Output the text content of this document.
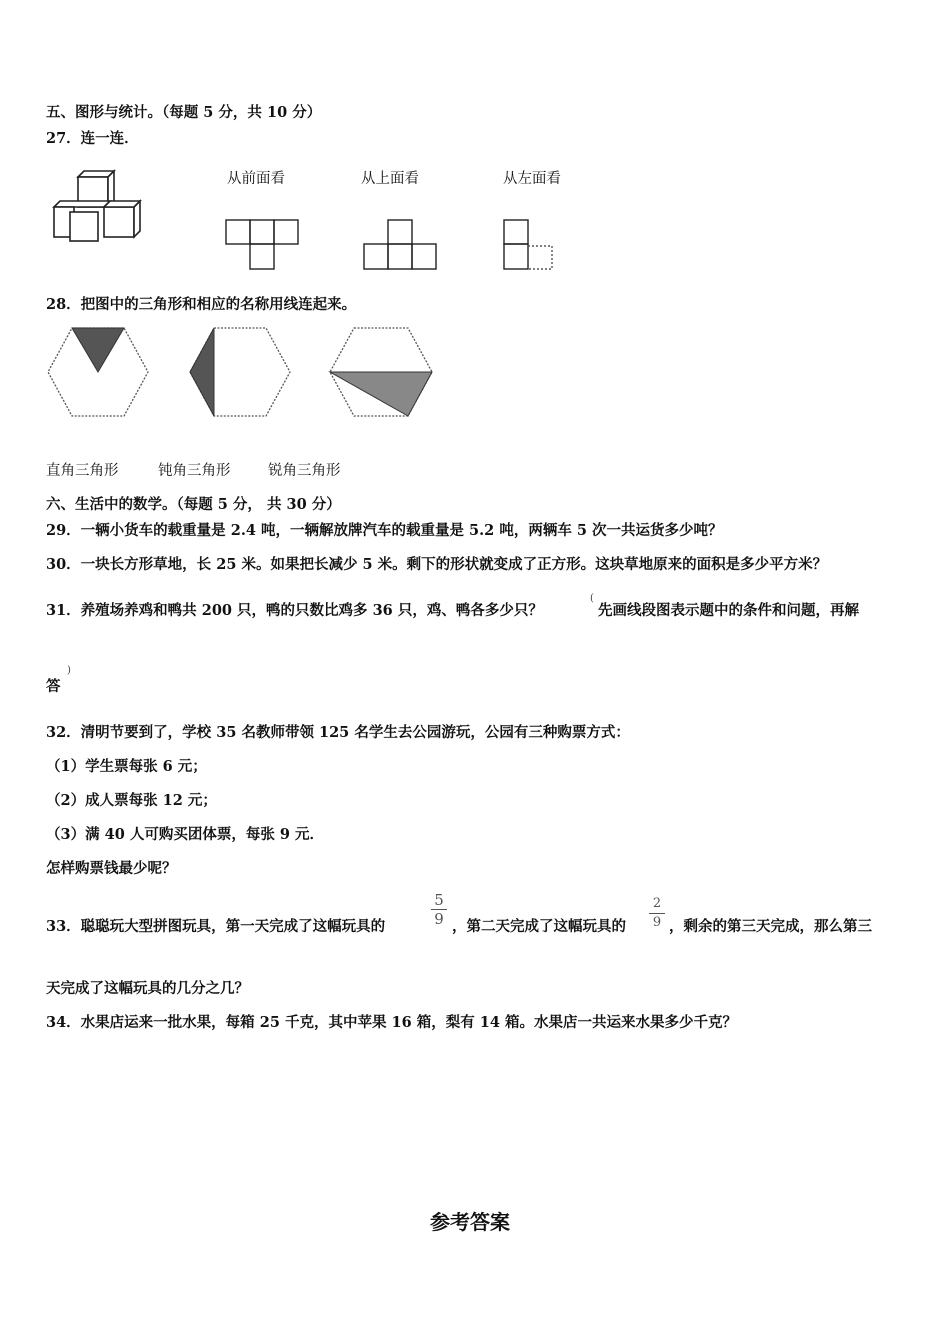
五、图形与统计。（每题 5 分，共 10 分）
27．连一连．
从前面看	从上面看	从左面看
28．把图中的三角形和相应的名称用线连起来。
直角三角形	钝角三角形	锐角三角形
六、生活中的数学。（每题 5 分， 共 30 分）
29．一辆小货车的载重量是 2.4 吨，一辆解放牌汽车的载重量是 5.2 吨，两辆车 5 次一共运货多少吨？
30．一块长方形草地，长 25 米。如果把长减少 5 米。剩下的形状就变成了正方形。这块草地原来的面积是多少平方米？
31．养殖场养鸡和鸭共 200 只，鸭的只数比鸡多 36 只，鸡、鸭各多少只？
(
先画线段图表示题中的条件和问题，再解
)
答
32．清明节要到了，学校 35 名教师带领 125 名学生去公园游玩，公园有三种购票方式：
（1）学生票每张 6 元；
（2）成人票每张 12 元；
（3）满 40 人可购买团体票，每张 9 元．
怎样购票钱最少呢？
33．聪聪玩大型拼图玩具，第一天完成了这幅玩具的
5
9 ，第二天完成了这幅玩具的
2
9 ，剩余的第三天完成，那么第三
天完成了这幅玩具的几分之几？
34．水果店运来一批水果，每箱 25 千克，其中苹果 16 箱，梨有 14 箱。水果店一共运来水果多少千克？
参考答案
